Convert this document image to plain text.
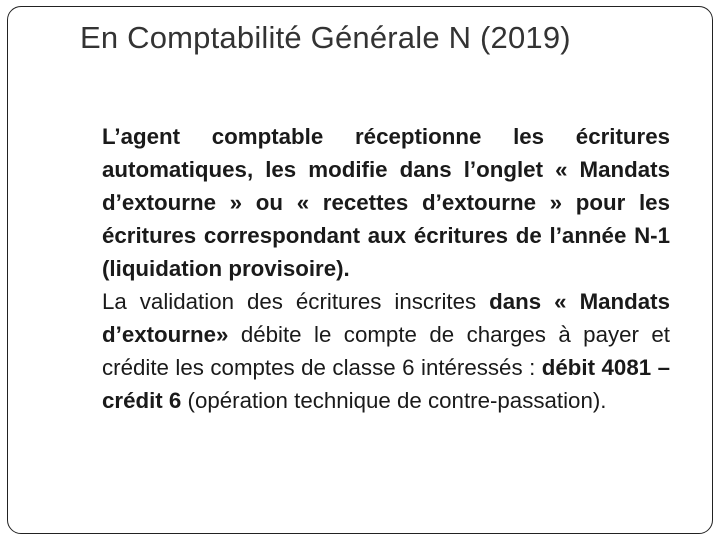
En Comptabilité Générale N (2019)
L’agent comptable réceptionne les écritures automatiques, les modifie dans l’onglet « Mandats d’extourne » ou « recettes d’extourne » pour les écritures correspondant aux écritures de l’année N-1 (liquidation provisoire).
La validation des écritures inscrites dans « Mandats d’extourne» débite le compte de charges à payer et crédite les comptes de classe 6 intéressés : débit 4081 – crédit 6 (opération technique de contre-passation).
